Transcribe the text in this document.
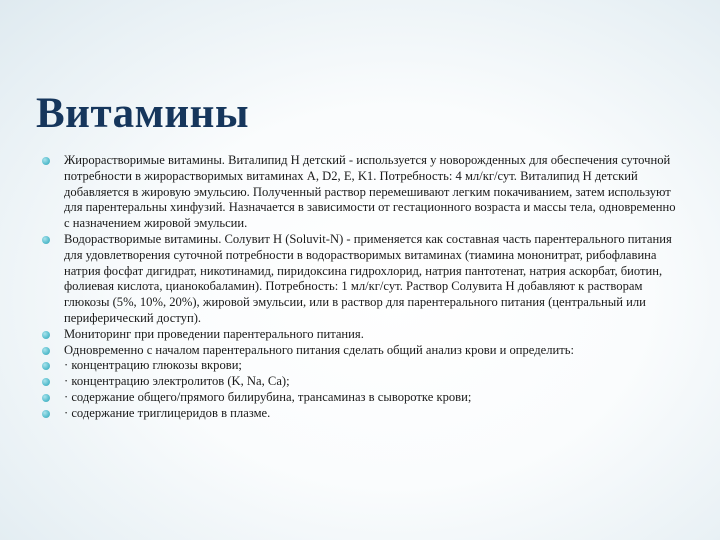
Витамины
Жирорастворимые витамины. Виталипид Н детский - используется у новорожденных для обеспечения суточной потребности в жирорастворимых витаминах А, D2, E, K1. Потребность: 4 мл/кг/сут. Виталипид Н детский добавляется в жировую эмульсию. Полученный раствор перемешивают легким покачиванием, затем используют для парентеральны хинфузий. Назначается в зависимости от гестационного возраста и массы тела, одновременно с назначением жировой эмульсии.
Водорастворимые витамины. Солувит Н (Soluvit-N) - применяется как составная часть парентерального питания для удовлетворения суточной потребности в водорастворимых витаминах (тиамина мононитрат, рибофлавина натрия фосфат дигидрат, никотинамид, пиридоксина гидрохлорид, натрия пантотенат, натрия аскорбат, биотин, фолиевая кислота, цианокобаламин). Потребность: 1 мл/кг/сут. Раствор Солувита Н добавляют к растворам глюкозы (5%, 10%, 20%), жировой эмульсии, или в раствор для парентерального питания (центральный или периферический доступ).
Мониторинг при проведении парентерального питания.
Одновременно с началом парентерального питания сделать общий анализ крови и определить:
· концентрацию глюкозы вкрови;
· концентрацию электролитов (K, Na, Ca);
· содержание общего/прямого билирубина, трансаминаз в сыворотке крови;
· содержание триглицеридов в плазме.
